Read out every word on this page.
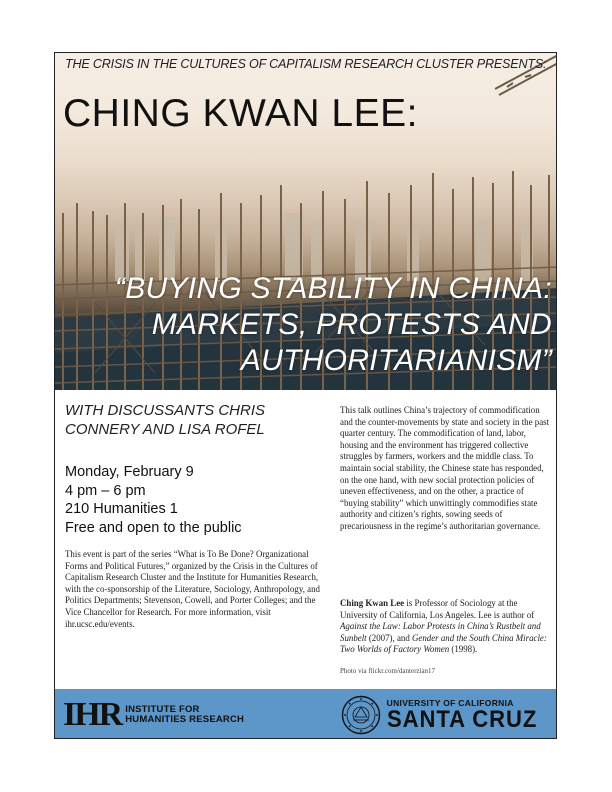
THE CRISIS IN THE CULTURES OF CAPITALISM RESEARCH CLUSTER PRESENTS:
CHING KWAN LEE:
“BUYING STABILITY IN CHINA:
MARKETS, PROTESTS AND
AUTHORITARIANISM”
WITH DISCUSSANTS CHRIS
CONNERY AND LISA ROFEL
Monday, February 9
4 pm – 6 pm
210 Humanities 1
Free and open to the public

This event is part of the series “What is To Be Done? Organizational Forms and Political Futures,” organized by the Crisis in the Cultures of Capitalism Research Cluster and the Institute for Humanities Research, with the co-sponsorship of the Literature, Sociology, Anthropology, and Politics Departments; Stevenson, Cowell, and Porter Colleges; and the Vice Chancellor for Research. For more information, visit ihr.ucsc.edu/events.

This talk outlines China’s trajectory of commodification and the counter-movements by state and society in the past quarter century. The commodification of land, labor, housing and the environment has triggered collective struggles by farmers, workers and the middle class. To maintain social stability, the Chinese state has responded, on the one hand, with new social protection policies of uneven effectiveness, and on the other, a practice of “buying stability” which unwittingly commodifies state authority and citizen’s rights, sowing seeds of precariousness in the regime’s authoritarian governance.

Ching Kwan Lee is Professor of Sociology at the University of California, Los Angeles. Lee is author of Against the Law: Labor Protests in China’s Rustbelt and Sunbelt (2007), and Gender and the South China Miracle: Two Worlds of Factory Women (1998).

Photo via flickr.com/danterzian17
IHR INSTITUTE FOR
HUMANITIES RESEARCH
UNIVERSITY OF CALIFORNIA
SANTA CRUZ
